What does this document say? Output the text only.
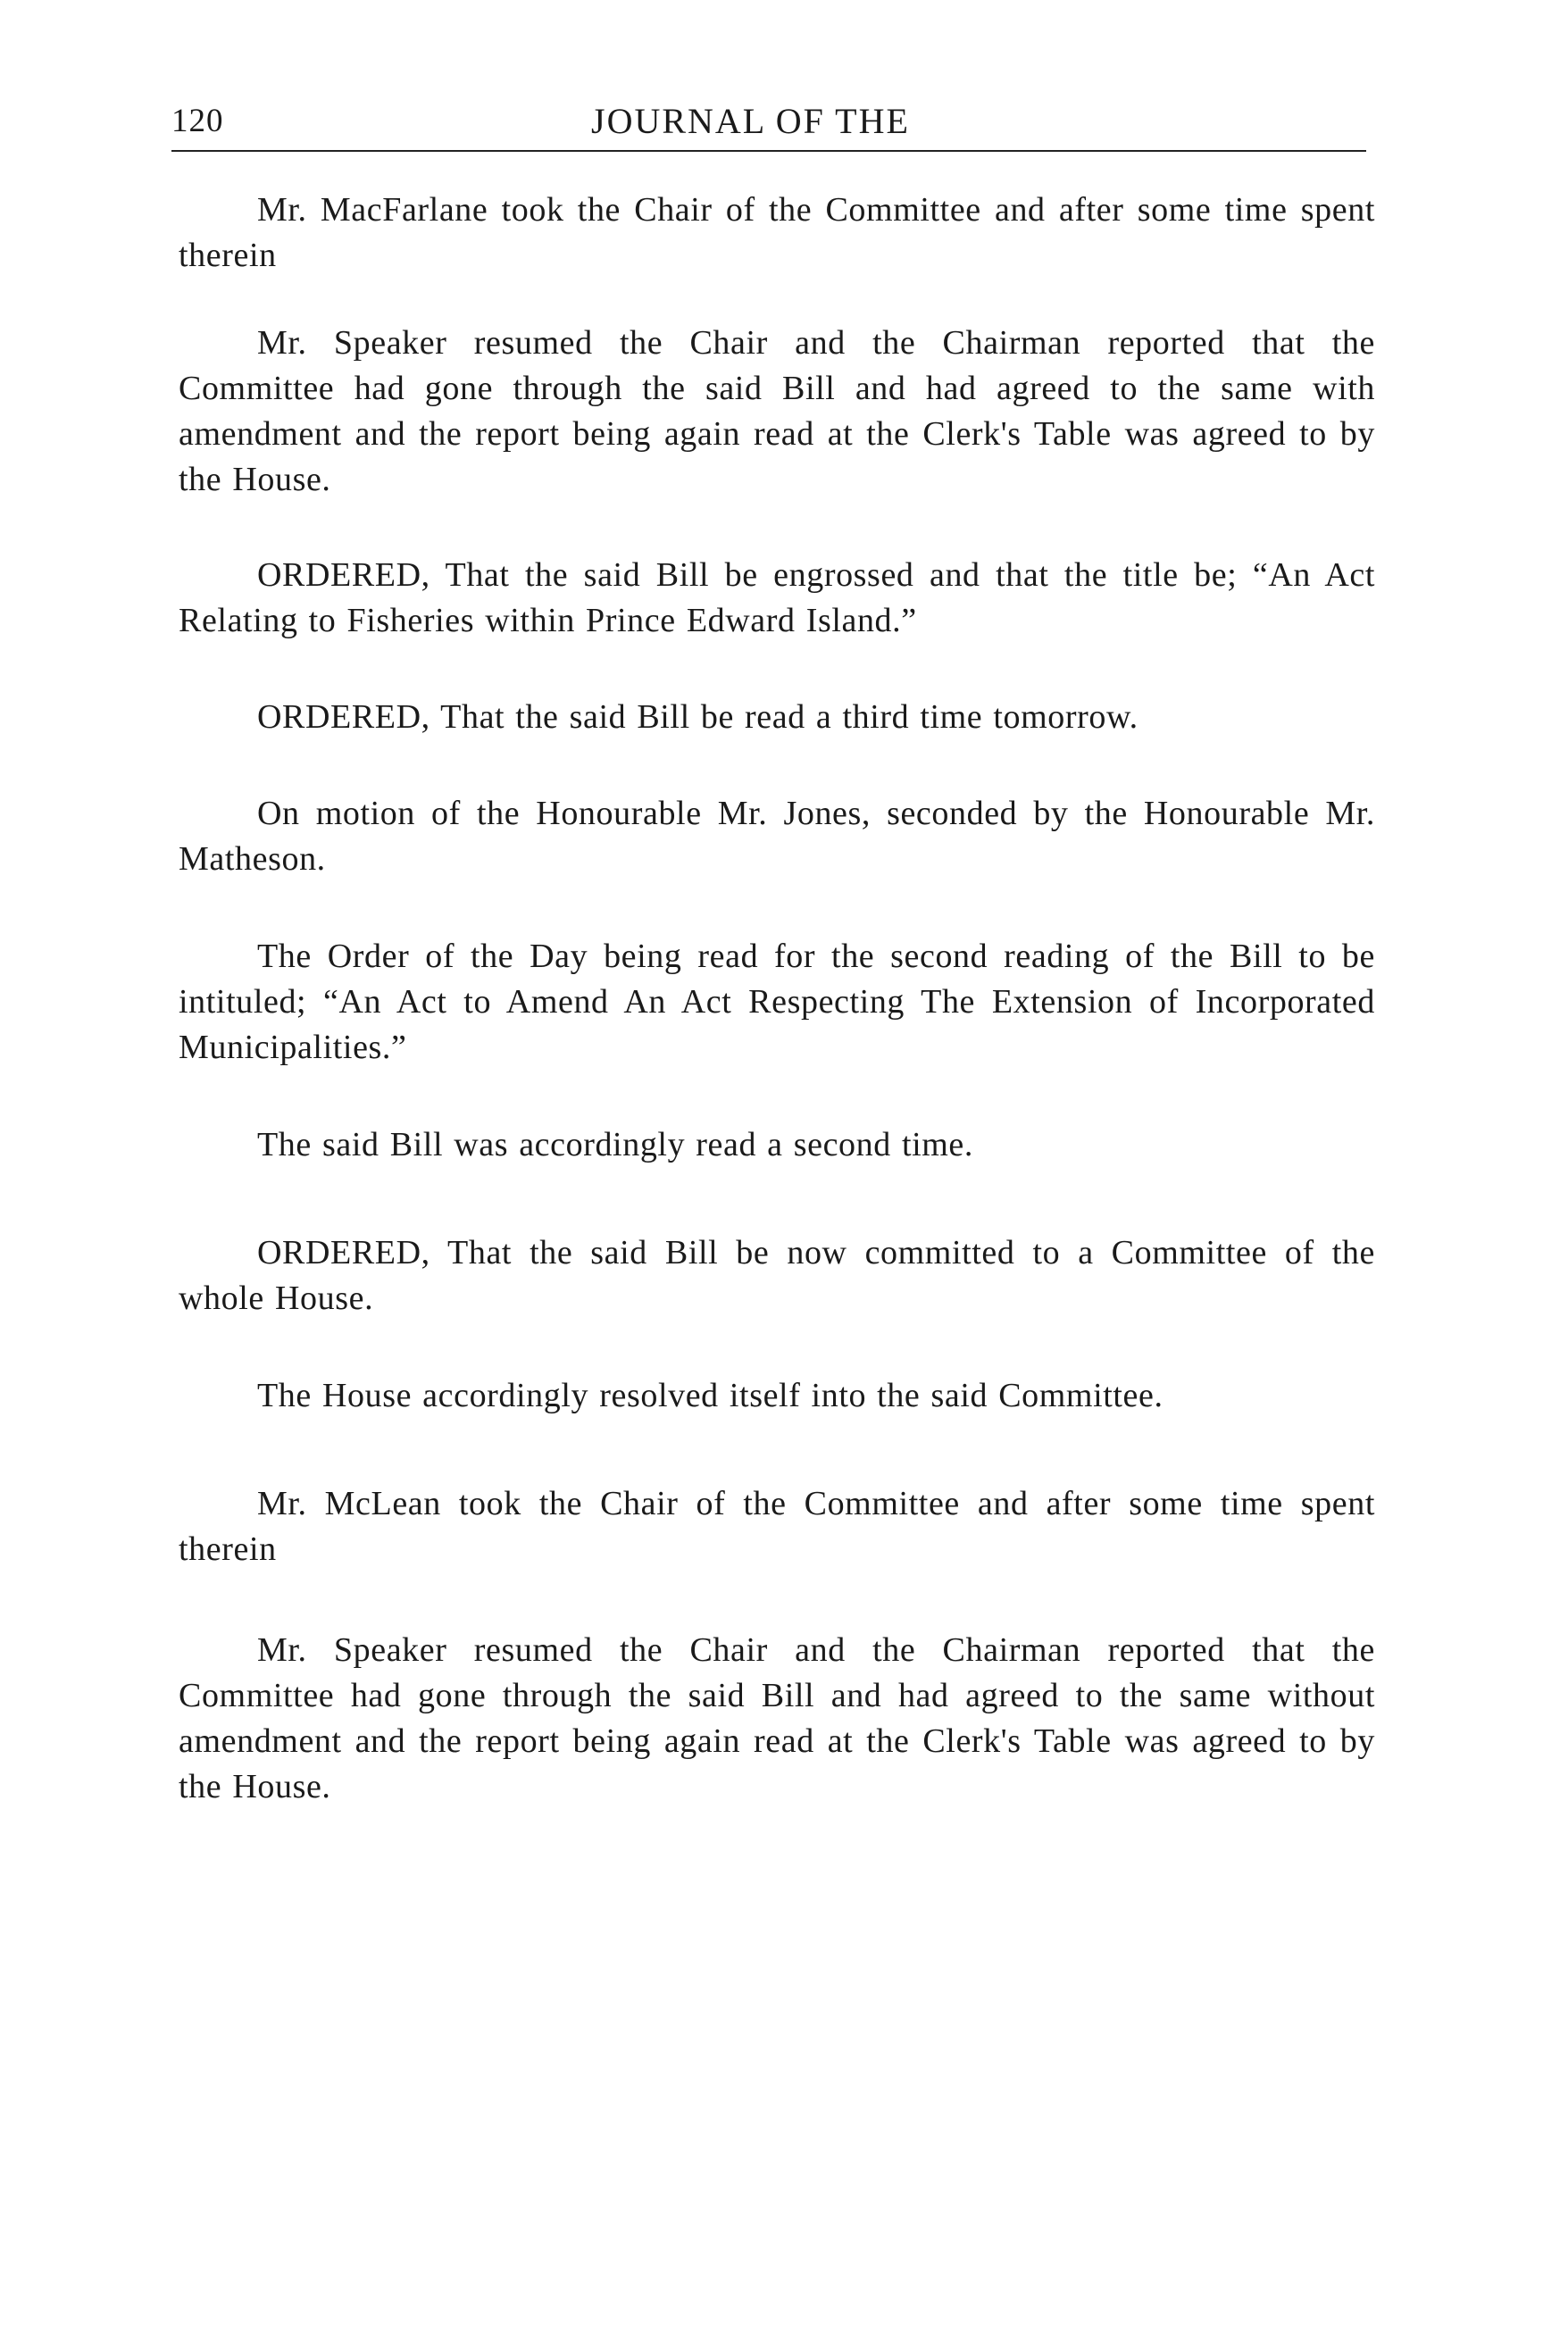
120	JOURNAL OF THE

Mr. MacFarlane took the Chair of the Committee and after some time spent therein

Mr. Speaker resumed the Chair and the Chairman reported that the Committee had gone through the said Bill and had agreed to the same with amendment and the report being again read at the Clerk's Table was agreed to by the House.

ORDERED, That the said Bill be engrossed and that the title be; “An Act Relating to Fisheries within Prince Edward Island.”

ORDERED, That the said Bill be read a third time tomorrow.

On motion of the Honourable Mr. Jones, seconded by the Honourable Mr. Matheson.

The Order of the Day being read for the second reading of the Bill to be intituled; “An Act to Amend An Act Respecting The Extension of Incorporated Municipalities.”

The said Bill was accordingly read a second time.

ORDERED, That the said Bill be now committed to a Committee of the whole House.

The House accordingly resolved itself into the said Committee.

Mr. McLean took the Chair of the Committee and after some time spent therein

Mr. Speaker resumed the Chair and the Chairman reported that the Committee had gone through the said Bill and had agreed to the same without amendment and the report being again read at the Clerk's Table was agreed to by the House.
